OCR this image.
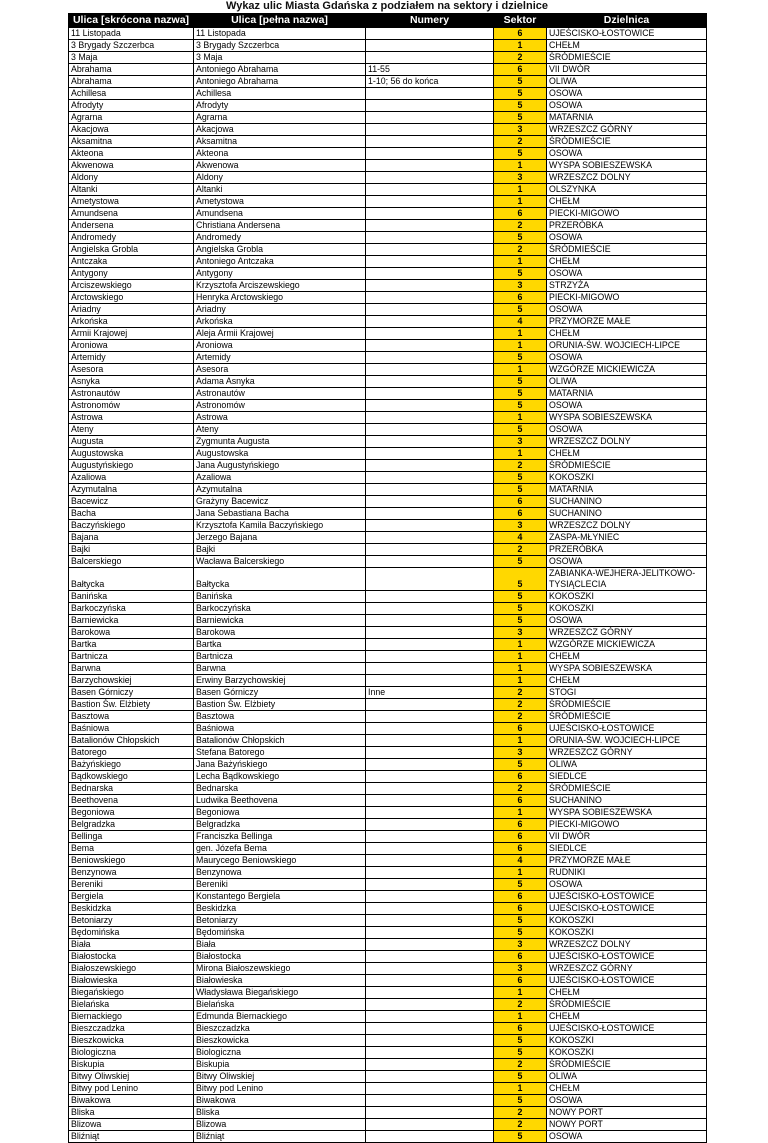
Wykaz ulic Miasta Gdańska z podziałem na sektory i dzielnice
Ulica [skrócona nazwa]	Ulica [pełna nazwa]	Numery	Sektor	Dzielnica
11 Listopada	11 Listopada		6	UJEŚCISKO-ŁOSTOWICE
3 Brygady Szczerbca	3 Brygady Szczerbca		1	CHEŁM
3 Maja	3 Maja		2	ŚRÓDMIEŚCIE
Abrahama	Antoniego Abrahama	11-55	6	VII DWÓR
Abrahama	Antoniego Abrahama	1-10; 56 do końca	5	OLIWA
Achillesa	Achillesa		5	OSOWA
Afrodyty	Afrodyty		5	OSOWA
Agrarna	Agrarna		5	MATARNIA
Akacjowa	Akacjowa		3	WRZESZCZ GÓRNY
Aksamitna	Aksamitna		2	ŚRÓDMIEŚCIE
Akteona	Akteona		5	OSOWA
Akwenowa	Akwenowa		1	WYSPA SOBIESZEWSKA
Aldony	Aldony		3	WRZESZCZ DOLNY
Altanki	Altanki		1	OLSZYNKA
Ametystowa	Ametystowa		1	CHEŁM
Amundsena	Amundsena		6	PIECKI-MIGOWO
Andersena	Christiana Andersena		2	PRZERÓBKA
Andromedy	Andromedy		5	OSOWA
Angielska Grobla	Angielska Grobla		2	ŚRÓDMIEŚCIE
Antczaka	Antoniego Antczaka		1	CHEŁM
Antygony	Antygony		5	OSOWA
Arciszewskiego	Krzysztofa Arciszewskiego		3	STRZYŻA
Arctowskiego	Henryka Arctowskiego		6	PIECKI-MIGOWO
Ariadny	Ariadny		5	OSOWA
Arkońska	Arkońska		4	PRZYMORZE MAŁE
Armii Krajowej	Aleja Armii Krajowej		1	CHEŁM
Aroniowa	Aroniowa		1	ORUNIA-ŚW. WOJCIECH-LIPCE
Artemidy	Artemidy		5	OSOWA
Asesora	Asesora		1	WZGÓRZE MICKIEWICZA
Asnyka	Adama Asnyka		5	OLIWA
Astronautów	Astronautów		5	MATARNIA
Astronomów	Astronomów		5	OSOWA
Astrowa	Astrowa		1	WYSPA SOBIESZEWSKA
Ateny	Ateny		5	OSOWA
Augusta	Zygmunta Augusta		3	WRZESZCZ DOLNY
Augustowska	Augustowska		1	CHEŁM
Augustyńskiego	Jana Augustyńskiego		2	ŚRÓDMIEŚCIE
Azaliowa	Azaliowa		5	KOKOSZKI
Azymutalna	Azymutalna		5	MATARNIA
Bacewicz	Grażyny Bacewicz		6	SUCHANINO
Bacha	Jana Sebastiana Bacha		6	SUCHANINO
Baczyńskiego	Krzysztofa Kamila Baczyńskiego		3	WRZESZCZ DOLNY
Bajana	Jerzego Bajana		4	ZASPA-MŁYNIEC
Bajki	Bajki		2	PRZERÓBKA
Balcerskiego	Wacława Balcerskiego		5	OSOWA
Bałtycka	Bałtycka		5	ZABIANKA-WEJHERA-JELITKOWO-TYSIĄCLECIA
Banińska	Banińska		5	KOKOSZKI
Barkoczyńska	Barkoczyńska		5	KOKOSZKI
Barniewicka	Barniewicka		5	OSOWA
Barokowa	Barokowa		3	WRZESZCZ GÓRNY
Bartka	Bartka		1	WZGÓRZE MICKIEWICZA
Bartnicza	Bartnicza		1	CHEŁM
Barwna	Barwna		1	WYSPA SOBIESZEWSKA
Barzychowskiej	Erwiny Barzychowskiej		1	CHEŁM
Basen Górniczy	Basen Górniczy	Inne	2	STOGI
Bastion Św. Elżbiety	Bastion Św. Elżbiety		2	ŚRÓDMIEŚCIE
Basztowa	Basztowa		2	ŚRÓDMIEŚCIE
Baśniowa	Baśniowa		6	UJEŚCISKO-ŁOSTOWICE
Batalionów Chłopskich	Batalionów Chłopskich		1	ORUNIA-ŚW. WOJCIECH-LIPCE
Batorego	Stefana Batorego		3	WRZESZCZ GÓRNY
Bażyńskiego	Jana Bażyńskiego		5	OLIWA
Bądkowskiego	Lecha Bądkowskiego		6	SIEDLCE
Bednarska	Bednarska		2	ŚRÓDMIEŚCIE
Beethovena	Ludwika Beethovena		6	SUCHANINO
Begoniowa	Begoniowa		1	WYSPA SOBIESZEWSKA
Belgradzka	Belgradzka		6	PIECKI-MIGOWO
Bellinga	Franciszka Bellinga		6	VII DWÓR
Bema	gen. Józefa Bema		6	SIEDLCE
Beniowskiego	Maurycego Beniowskiego		4	PRZYMORZE MAŁE
Benzynowa	Benzynowa		1	RUDNIKI
Bereniki	Bereniki		5	OSOWA
Bergiela	Konstantego Bergiela		6	UJEŚCISKO-ŁOSTOWICE
Beskidzka	Beskidzka		6	UJEŚCISKO-ŁOSTOWICE
Betoniarzy	Betoniarzy		5	KOKOSZKI
Będomińska	Będomińska		5	KOKOSZKI
Biała	Biała		3	WRZESZCZ DOLNY
Białostocka	Białostocka		6	UJEŚCISKO-ŁOSTOWICE
Białoszewskiego	Mirona Białoszewskiego		3	WRZESZCZ GÓRNY
Białowieska	Białowieska		6	UJEŚCISKO-ŁOSTOWICE
Biegańskiego	Władysława Biegańskiego		1	CHEŁM
Bielańska	Bielańska		2	ŚRÓDMIEŚCIE
Biernackiego	Edmunda Biernackiego		1	CHEŁM
Bieszczadzka	Bieszczadzka		6	UJEŚCISKO-ŁOSTOWICE
Bieszkowicka	Bieszkowicka		5	KOKOSZKI
Biologiczna	Biologiczna		5	KOKOSZKI
Biskupia	Biskupia		2	ŚRÓDMIEŚCIE
Bitwy Oliwskiej	Bitwy Oliwskiej		5	OLIWA
Bitwy pod Lenino	Bitwy pod Lenino		1	CHEŁM
Biwakowa	Biwakowa		5	OSOWA
Bliska	Bliska		2	NOWY PORT
Blizowa	Blizowa		2	NOWY PORT
Bliźniąt	Bliźniąt		5	OSOWA
